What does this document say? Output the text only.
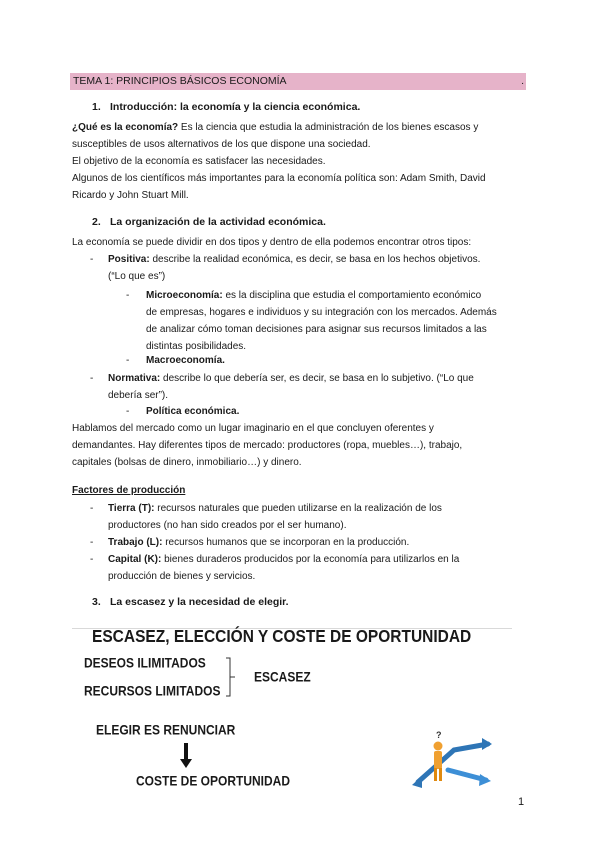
TEMA 1: PRINCIPIOS BÁSICOS ECONOMÍA	.
1. Introducción: la economía y la ciencia económica.
¿Qué es la economía? Es la ciencia que estudia la administración de los bienes escasos y
susceptibles de usos alternativos de los que dispone una sociedad.
El objetivo de la economía es satisfacer las necesidades.
Algunos de los científicos más importantes para la economía política son: Adam Smith, David
Ricardo y John Stuart Mill.
2. La organización de la actividad económica.
La economía se puede dividir en dos tipos y dentro de ella podemos encontrar otros tipos:
- Positiva: describe la realidad económica, es decir, se basa en los hechos objetivos.
(“Lo que es”)
- Microeconomía: es la disciplina que estudia el comportamiento económico
de empresas, hogares e individuos y su integración con los mercados. Además
de analizar cómo toman decisiones para asignar sus recursos limitados a las
distintas posibilidades.
- Macroeconomía.
- Normativa: describe lo que debería ser, es decir, se basa en lo subjetivo. (“Lo que
debería ser”).
- Política económica.
Hablamos del mercado como un lugar imaginario en el que concluyen oferentes y
demandantes. Hay diferentes tipos de mercado: productores (ropa, muebles…), trabajo,
capitales (bolsas de dinero, inmobiliario…) y dinero.
Factores de producción
- Tierra (T): recursos naturales que pueden utilizarse en la realización de los
productores (no han sido creados por el ser humano).
- Trabajo (L): recursos humanos que se incorporan en la producción.
- Capital (K): bienes duraderos producidos por la economía para utilizarlos en la
producción de bienes y servicios.
3. La escasez y la necesidad de elegir.
ESCASEZ, ELECCIÓN Y COSTE DE OPORTUNIDAD
DESEOS ILIMITADOS
RECURSOS LIMITADOS
ESCASEZ
ELEGIR ES RENUNCIAR
COSTE DE OPORTUNIDAD
?
1
